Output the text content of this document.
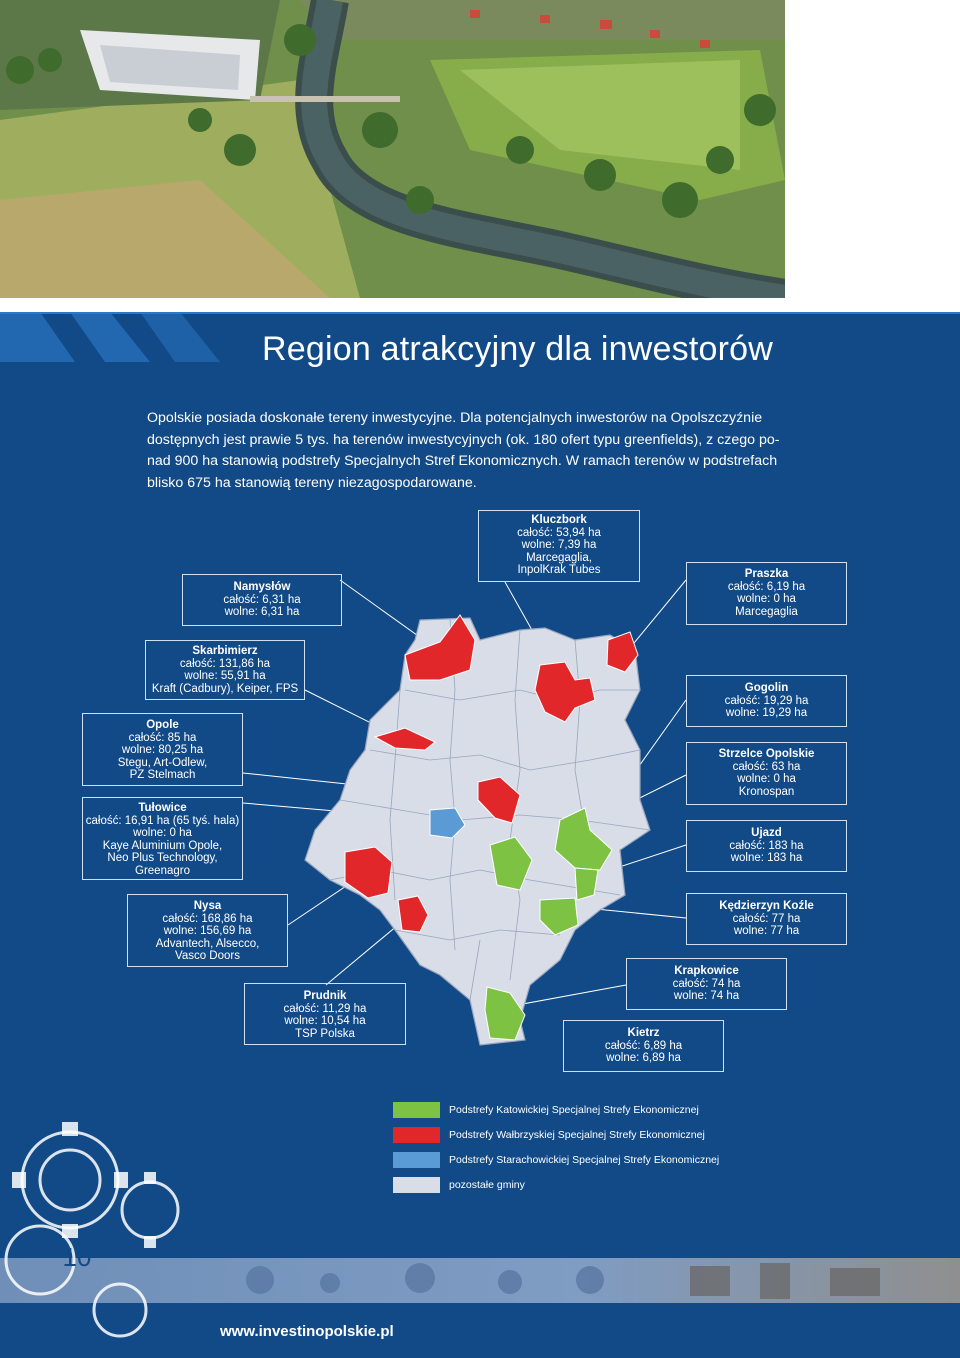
Region atrakcyjny dla inwestorów
Opolskie posiada doskonałe tereny inwestycyjne. Dla potencjalnych inwestorów na Opolszczyźnie
dostępnych jest prawie 5 tys. ha terenów inwestycyjnych (ok. 180 ofert typu greenfields), z czego po-
nad 900 ha stanowią podstrefy Specjalnych Stref Ekonomicznych. W ramach terenów w podstrefach
blisko 675 ha stanowią tereny niezagospodarowane.
Kluczbork
całość: 53,94 ha
wolne: 7,39 ha
Marcegaglia,
InpolKrak Tubes
Namysłów
całość: 6,31 ha
wolne: 6,31 ha
Praszka
całość: 6,19 ha
wolne: 0 ha
Marcegaglia
Skarbimierz
całość: 131,86 ha
wolne: 55,91 ha
Kraft (Cadbury), Keiper, FPS	Gogolin
całość: 19,29 ha
wolne: 19,29 ha
Opole
całość: 85 ha
wolne: 80,25 ha
Stegu, Art-Odlew,
PZ Stelmach
Strzelce Opolskie
całość: 63 ha
wolne: 0 ha
Kronospan
Tułowice
całość: 16,91 ha (65 tyś. hala)
wolne: 0 ha
Kaye Aluminium Opole,
Neo Plus Technology,
Greenagro
Ujazd
całość: 183 ha
wolne: 183 ha
Nysa
całość: 168,86 ha
wolne: 156,69 ha
Advantech, Alsecco,
Vasco Doors
Kędzierzyn Koźle
całość: 77 ha
wolne: 77 ha
Krapkowice
całość: 74 ha
wolne: 74 ha
Prudnik
całość: 11,29 ha
wolne: 10,54 ha
TSP Polska	Kietrz
całość: 6,89 ha
wolne: 6,89 ha
Podstrefy Katowickiej Specjalnej Strefy Ekonomicznej
Podstrefy Wałbrzyskiej Specjalnej Strefy Ekonomicznej
Podstrefy Starachowickiej Specjalnej Strefy Ekonomicznej
pozostałe gminy
10
www.investinopolskie.pl
